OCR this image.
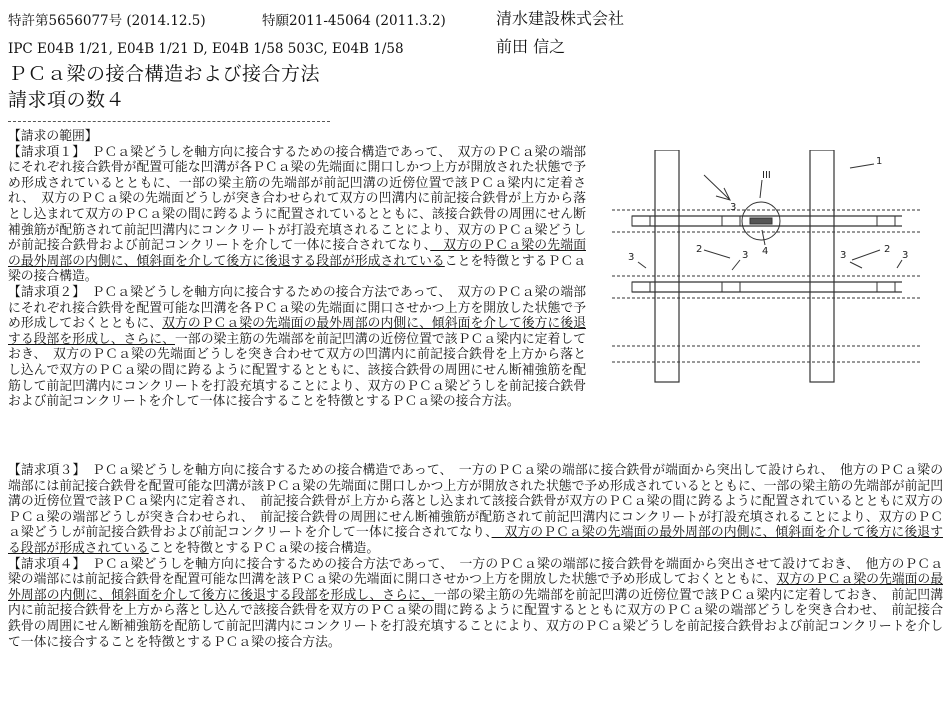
特許第5656077号 (2014.12.5)	特願2011-45064 (2011.3.2)	清水建設株式会社
IPC E04B 1/21, E04B 1/21 D, E04B 1/58 503C, E04B 1/58	前田 信之
ＰＣａ梁の接合構造および接合方法
請求項の数４
【請求の範囲】
【請求項１】　ＰＣａ梁どうしを軸方向に接合するための接合構造であって、　双方のＰＣａ梁の端部にそれぞれ接合鉄骨が配置可能な凹溝が各ＰＣａ梁の先端面に開口しかつ上方が開放された状態で予め形成されているとともに、一部の梁主筋の先端部が前記凹溝の近傍位置で該ＰＣａ梁内に定着され、　双方のＰＣａ梁の先端面どうしが突き合わせられて双方の凹溝内に前記接合鉄骨が上方から落とし込まれて双方のＰＣａ梁の間に跨るように配置されているとともに、該接合鉄骨の周囲にせん断補強筋が配筋されて前記凹溝内にコンクリートが打設充填されることにより、双方のＰＣａ梁どうしが前記接合鉄骨および前記コンクリートを介して一体に接合されてなり、　双方のＰＣａ梁の先端面の最外周部の内側に、傾斜面を介して後方に後退する段部が形成されていることを特徴とするＰＣａ梁の接合構造。
【請求項２】　ＰＣａ梁どうしを軸方向に接合するための接合方法であって、　双方のＰＣａ梁の端部にそれぞれ接合鉄骨を配置可能な凹溝を各ＰＣａ梁の先端面に開口させかつ上方を開放した状態で予め形成しておくとともに、双方のＰＣａ梁の先端面の最外周部の内側に、傾斜面を介して後方に後退する段部を形成し、さらに、一部の梁主筋の先端部を前記凹溝の近傍位置で該ＰＣａ梁内に定着しておき、　双方のＰＣａ梁の先端面どうしを突き合わせて双方の凹溝内に前記接合鉄骨を上方から落とし込んで双方のＰＣａ梁の間に跨るように配置するとともに、該接合鉄骨の周囲にせん断補強筋を配筋して前記凹溝内にコンクリートを打設充填することにより、双方のＰＣａ梁どうしを前記接合鉄骨および前記コンクリートを介して一体に接合することを特徴とするＰＣａ梁の接合方法。
【請求項３】　ＰＣａ梁どうしを軸方向に接合するための接合構造であって、　一方のＰＣａ梁の端部に接合鉄骨が端面から突出して設けられ、　他方のＰＣａ梁の端部には前記接合鉄骨を配置可能な凹溝が該ＰＣａ梁の先端面に開口しかつ上方が開放された状態で予め形成されているとともに、一部の梁主筋の先端部が前記凹溝の近傍位置で該ＰＣａ梁内に定着され、　前記接合鉄骨が上方から落とし込まれて該接合鉄骨が双方のＰＣａ梁の間に跨るように配置されているとともに双方のＰＣａ梁の端部どうしが突き合わせられ、　前記接合鉄骨の周囲にせん断補強筋が配筋されて前記凹溝内にコンクリートが打設充填されることにより、双方のＰＣａ梁どうしが前記接合鉄骨および前記コンクリートを介して一体に接合されてなり、　双方のＰＣａ梁の先端面の最外周部の内側に、傾斜面を介して後方に後退する段部が形成されていることを特徴とするＰＣａ梁の接合構造。
【請求項４】　ＰＣａ梁どうしを軸方向に接合するための接合方法であって、　一方のＰＣａ梁の端部に接合鉄骨を端面から突出させて設けておき、　他方のＰＣａ梁の端部には前記接合鉄骨を配置可能な凹溝を該ＰＣａ梁の先端面に開口させかつ上方を開放した状態で予め形成しておくとともに、双方のＰＣａ梁の先端面の最外周部の内側に、傾斜面を介して後方に後退する段部を形成し、さらに、一部の梁主筋の先端部を前記凹溝の近傍位置で該ＰＣａ梁内に定着しておき、　前記凹溝内に前記接合鉄骨を上方から落とし込んで該接合鉄骨を双方のＰＣａ梁の間に跨るように配置するとともに双方のＰＣａ梁の端部どうしを突き合わせ、　前記接合鉄骨の周囲にせん断補強筋を配筋して前記凹溝内にコンクリートを打設充填することにより、双方のＰＣａ梁どうしを前記接合鉄骨および前記コンクリートを介して一体に接合することを特徴とするＰＣａ梁の接合方法。
1
III
2	2
3	3	3	3
4
3
